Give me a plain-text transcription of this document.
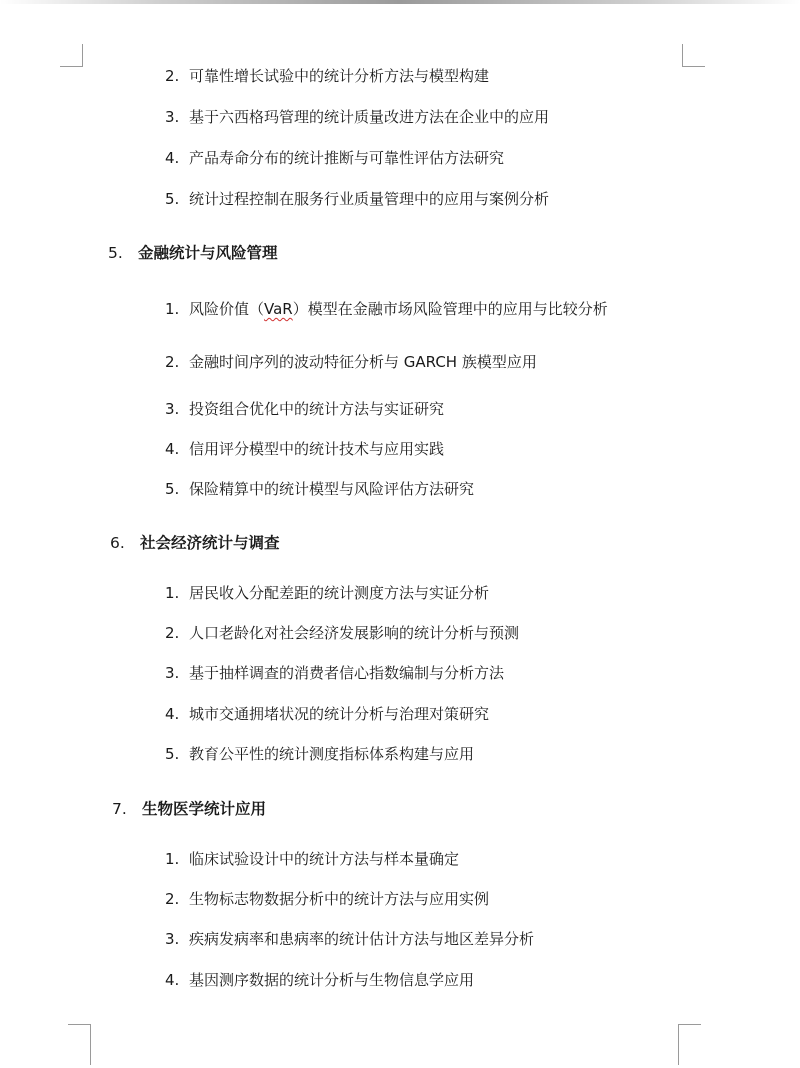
2. 可靠性增长试验中的统计分析方法与模型构建
3. 基于六西格玛管理的统计质量改进方法在企业中的应用
4. 产品寿命分布的统计推断与可靠性评估方法研究
5. 统计过程控制在服务行业质量管理中的应用与案例分析
5. 金融统计与风险管理
1. 风险价值（VaR）模型在金融市场风险管理中的应用与比较分析
2. 金融时间序列的波动特征分析与 GARCH 族模型应用
3. 投资组合优化中的统计方法与实证研究
4. 信用评分模型中的统计技术与应用实践
5. 保险精算中的统计模型与风险评估方法研究
6. 社会经济统计与调查
1. 居民收入分配差距的统计测度方法与实证分析
2. 人口老龄化对社会经济发展影响的统计分析与预测
3. 基于抽样调查的消费者信心指数编制与分析方法
4. 城市交通拥堵状况的统计分析与治理对策研究
5. 教育公平性的统计测度指标体系构建与应用
7. 生物医学统计应用
1. 临床试验设计中的统计方法与样本量确定
2. 生物标志物数据分析中的统计方法与应用实例
3. 疾病发病率和患病率的统计估计方法与地区差异分析
4. 基因测序数据的统计分析与生物信息学应用
